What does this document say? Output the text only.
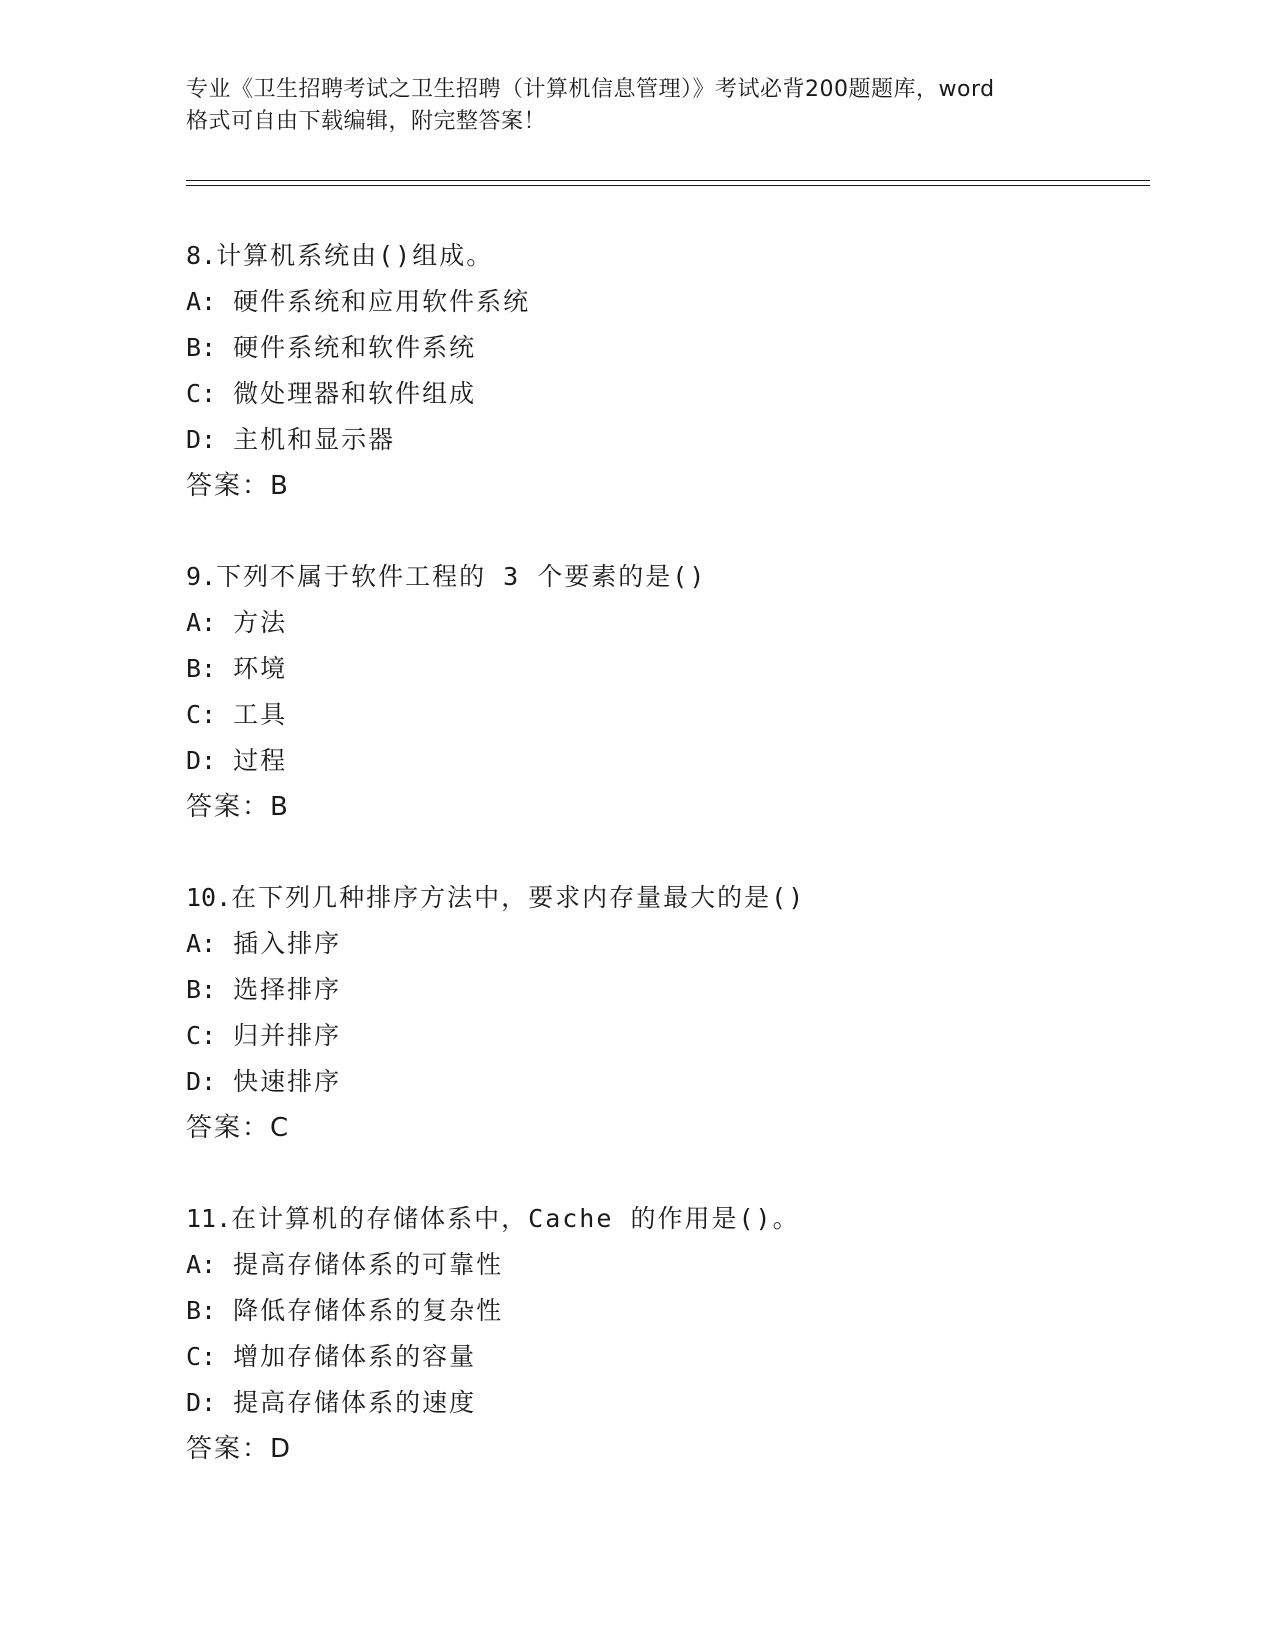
专业《卫生招聘考试之卫生招聘（计算机信息管理）》考试必背200题题库，word
格式可自由下载编辑，附完整答案！
8.计算机系统由()组成。
A: 硬件系统和应用软件系统
B: 硬件系统和软件系统
C: 微处理器和软件组成
D: 主机和显示器
答案：B
9.下列不属于软件工程的 3 个要素的是()
A: 方法
B: 环境
C: 工具
D: 过程
答案：B
10.在下列几种排序方法中，要求内存量最大的是()
A: 插入排序
B: 选择排序
C: 归并排序
D: 快速排序
答案：C
11.在计算机的存储体系中，Cache 的作用是()。
A: 提高存储体系的可靠性
B: 降低存储体系的复杂性
C: 增加存储体系的容量
D: 提高存储体系的速度
答案：D
